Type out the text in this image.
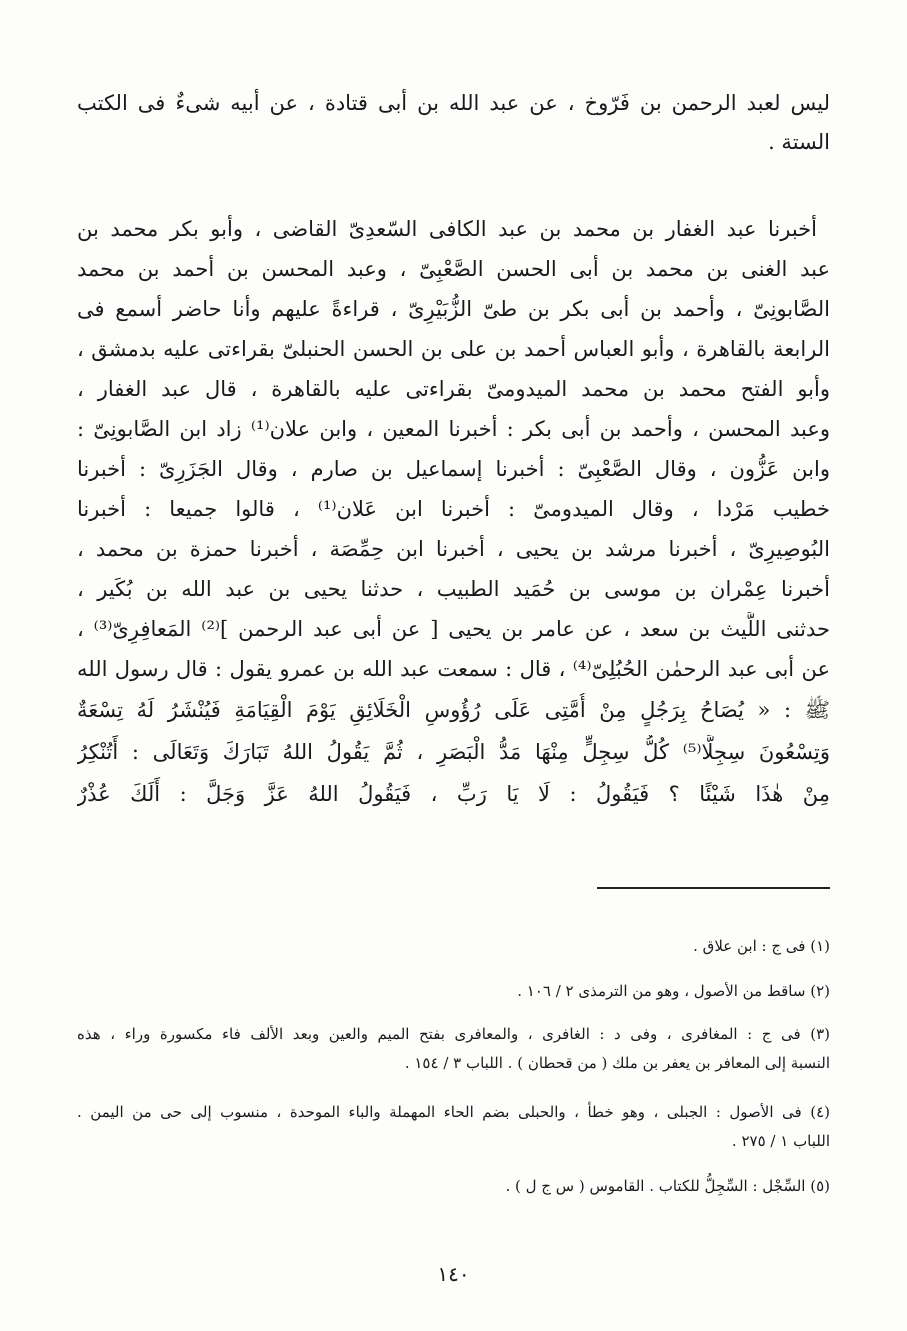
ليس لعبد الرحمن بن فَرّوخ ، عن عبد الله بن أبى قتادة ، عن أبيه شىءٌ فى الكتب
الستة .
أخبرنا عبد الغفار بن محمد بن عبد الكافى السّعدِىّ القاضى ، وأبو بكر محمد بن
عبد الغنى بن محمد بن أبى الحسن الصَّعْبِىّ ، وعبد المحسن بن أحمد بن محمد
الصَّابونِىّ ، وأحمد بن أبى بكر بن طىّ الزُّبَيْرِىّ ، قراءةً عليهم وأنا حاضر أسمع فى
الرابعة بالقاهرة ، وأبو العباس أحمد بن على بن الحسن الحنبلىّ بقراءتى عليه بدمشق ،
وأبو الفتح محمد بن محمد الميدومىّ بقراءتى عليه بالقاهرة ، قال عبد الغفار ،
وعبد المحسن ، وأحمد بن أبى بكر : أخبرنا المعين ، وابن علان⁽¹⁾ زاد ابن الصَّابونِىّ :
وابن عَزُّون ، وقال الصَّعْبِىّ : أخبرنا إسماعيل بن صارم ، وقال الجَزَرِىّ : أخبرنا
خطيب مَرْدا ، وقال الميدومىّ : أخبرنا ابن عَلان⁽¹⁾ ، قالوا جميعا : أخبرنا
البُوصِيرِىّ ، أخبرنا مرشد بن يحيى ، أخبرنا ابن حِمِّصَة ، أخبرنا حمزة بن محمد ،
أخبرنا عِمْران بن موسى بن حُمَيد الطبيب ، حدثنا يحيى بن عبد الله بن بُكَير ،
حدثنى اللَّيث بن سعد ، عن عامر بن يحيى [ عن أبى عبد الرحمن ]⁽²⁾ المَعافِرِىّ⁽³⁾ ،
عن أبى عبد الرحمٰن الحُبُلِىّ⁽⁴⁾ ، قال : سمعت عبد الله بن عمرو يقول : قال رسول الله
ﷺ : « يُصَاحُ بِرَجُلٍ مِنْ أُمَّتِى عَلَى رُؤُوسِ الْخَلَائِقِ يَوْمَ الْقِيَامَةِ فَيُنْشَرُ لَهُ تِسْعَةٌ
وَتِسْعُونَ سِجِلًّا⁽⁵⁾ كُلُّ سِجِلٍّ مِنْهَا مَدُّ الْبَصَرِ ، ثُمَّ يَقُولُ اللهُ تَبَارَكَ وَتَعَالَى : أَتُنْكِرُ
مِنْ هٰذَا شَيْئًا ؟ فَيَقُولُ : لَا يَا رَبِّ ، فَيَقُولُ اللهُ عَزَّ وَجَلَّ : أَلَكَ عُذْرٌ
(١) فى ج : ابن علاق .
(٢) ساقط من الأصول ، وهو من الترمذى ٢ / ١٠٦ .
(٣) فى ج : المغافرى ، وفى د : الغافرى ، والمعافرى بفتح الميم والعين وبعد الألف فاء مكسورة وراء ، هذه
النسبة إلى المعافر بن يعفر بن ملك ( من قحطان ) . اللباب ٣ / ١٥٤ .
(٤) فى الأصول : الجبلى ، وهو خطأ ، والحبلى بضم الحاء المهملة والباء الموحدة ، منسوب إلى حى من اليمن .
اللباب ١ / ٢٧٥ .
(٥) السِّجْل : السِّجِلُّ للكتاب . القاموس ( س ج ل ) .
١٤٠
